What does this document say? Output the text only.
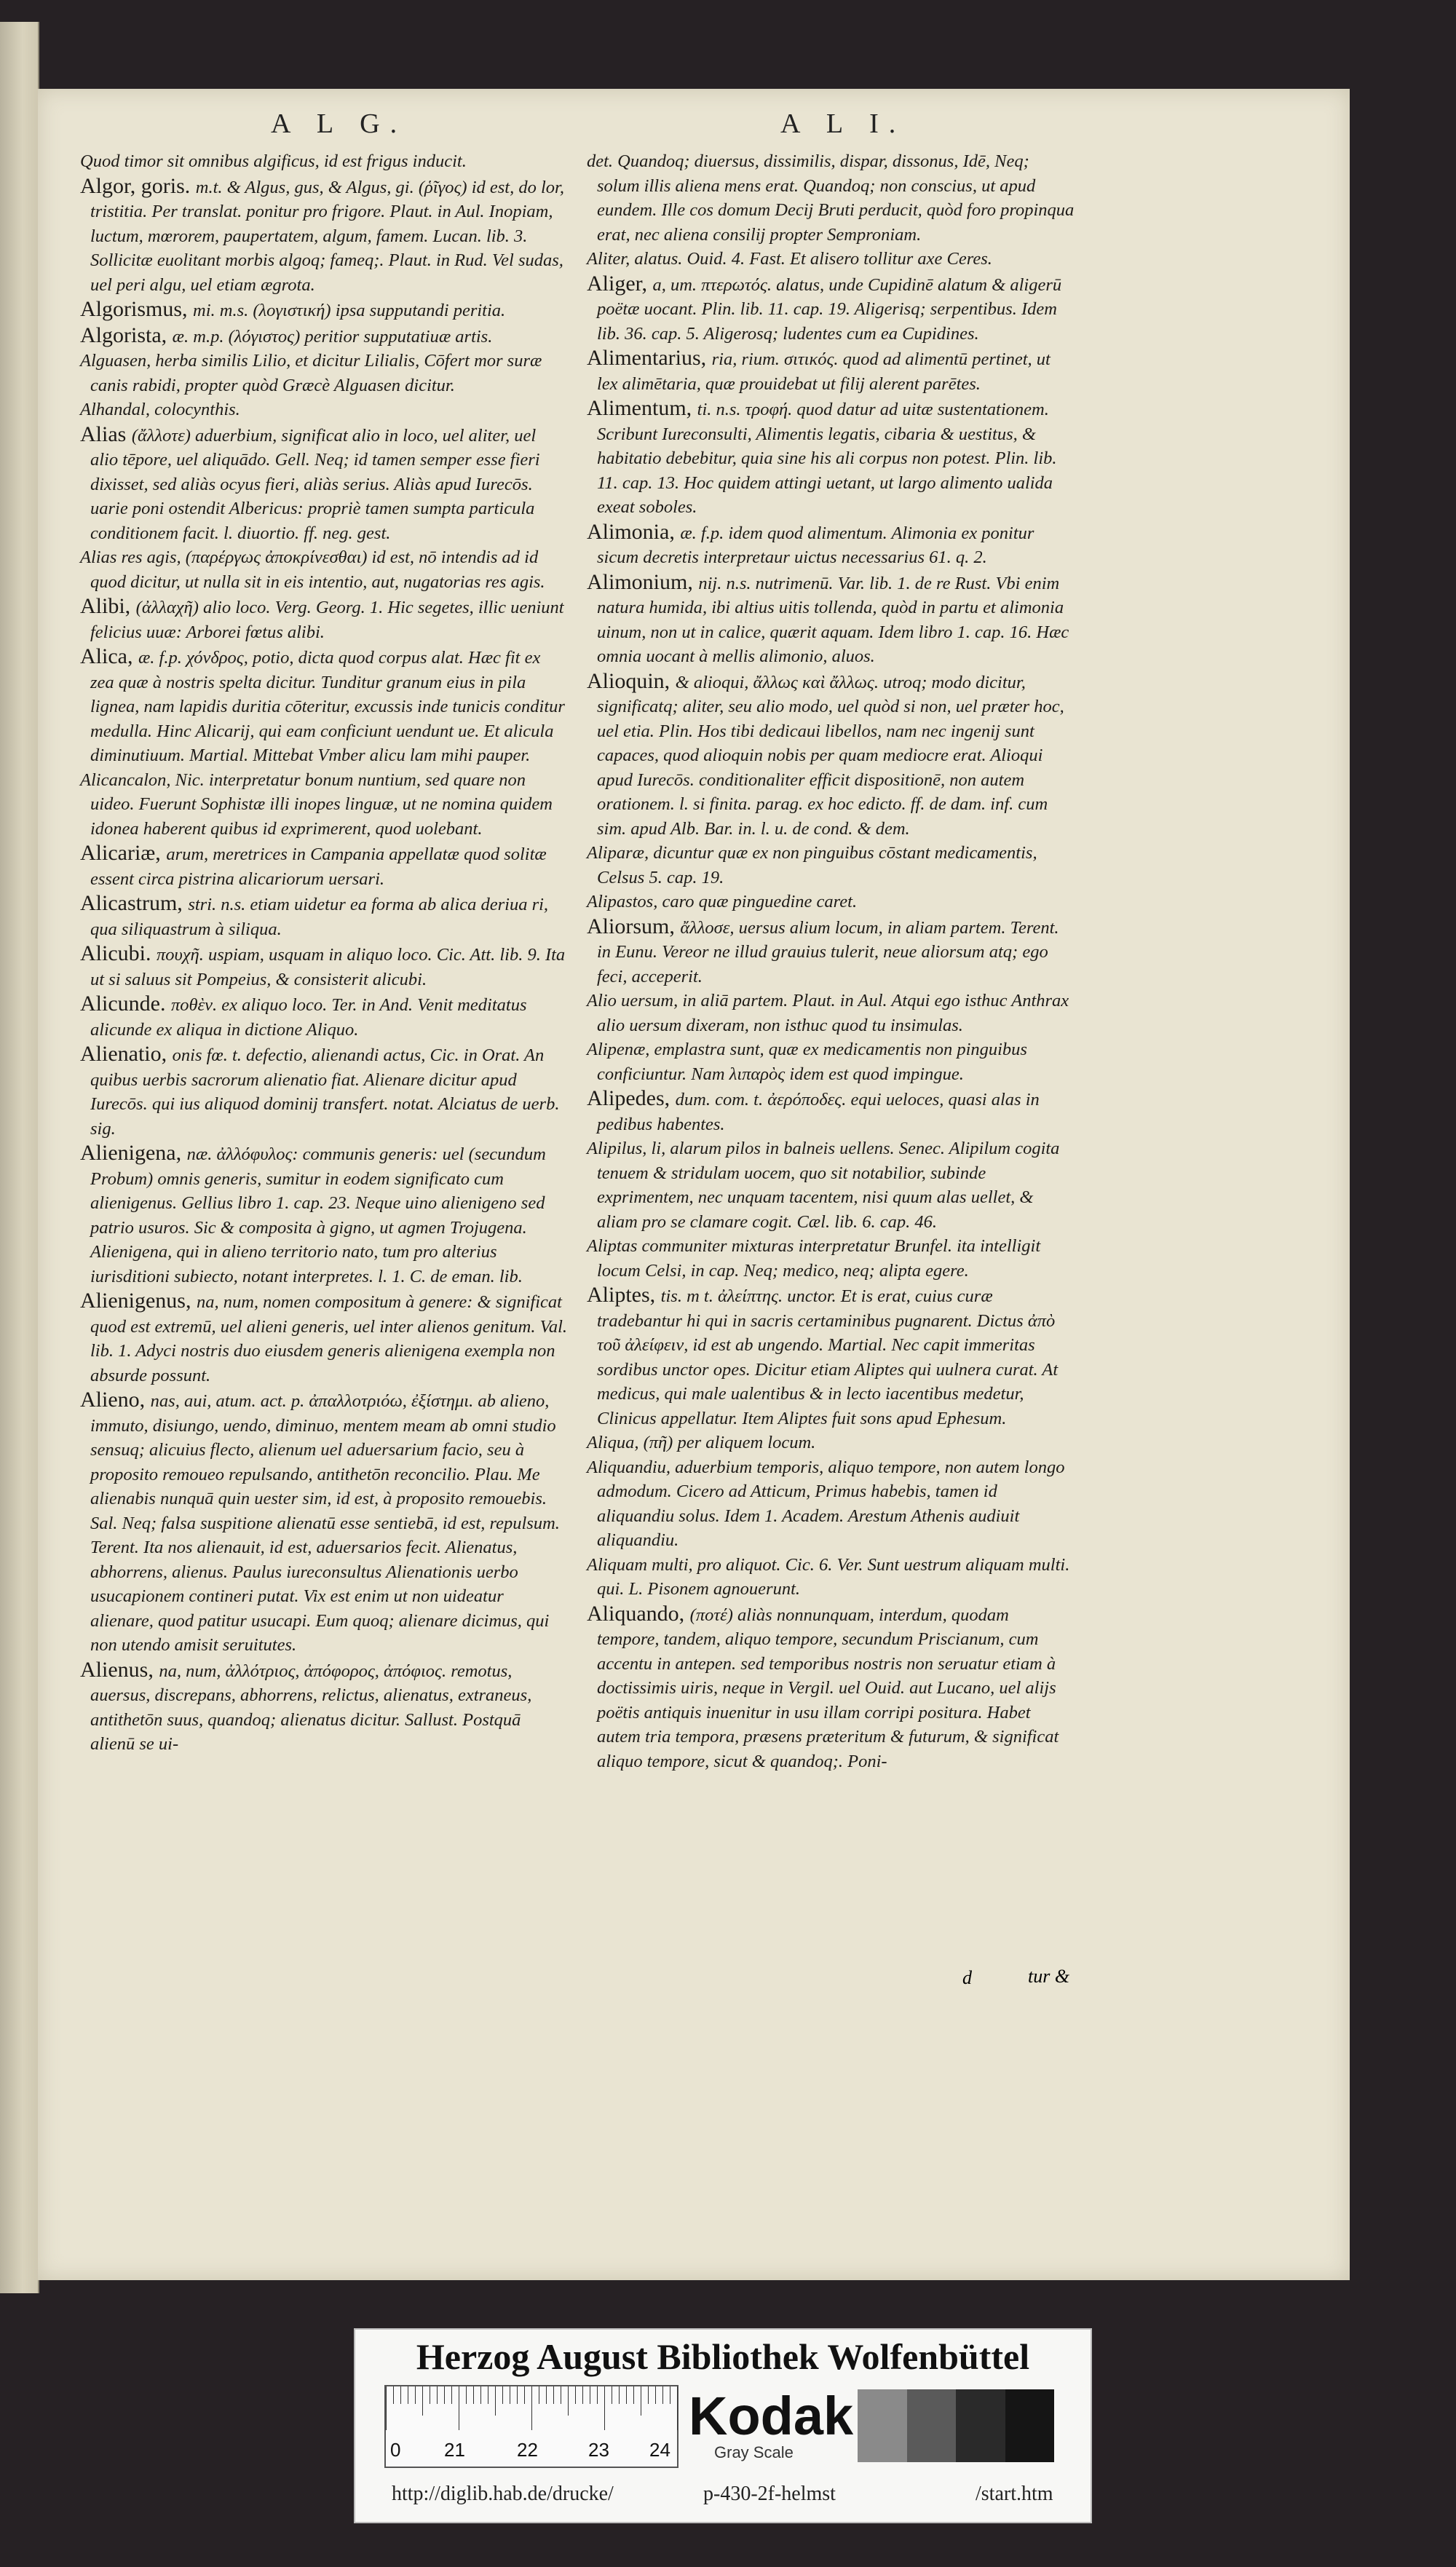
A L G.	A L I.

Quod timor sit omnibus algificus, id est frigus inducit.

Algor, goris. m.t. & Algus, gus, & Algus, gi. (ῥῖγος) id est, do lor, tristitia. Per translat. ponitur pro frigore. Plaut. in Aul. Inopiam, luctum, mœrorem, paupertatem, algum, famem. Lucan. lib. 3. Sollicitæ euolitant morbis algoq; fameq;. Plaut. in Rud. Vel sudas, uel peri algu, uel etiam ægrota.

Algorismus, mi. m.s. (λογιστική) ipsa supputandi peritia.

Algorista, æ. m.p. (λόγιστος) peritior supputatiuæ artis.

Alguasen, herba similis Lilio, et dicitur Lilialis, Cōfert mor suræ canis rabidi, propter quòd Græcè Alguasen dicitur.

Alhandal, colocynthis.

Alias (ἄλλοτε) aduerbium, significat alio in loco, uel aliter, uel alio tēpore, uel aliquādo. Gell. Neq; id tamen semper esse fieri dixisset, sed aliàs ocyus fieri, aliàs serius. Aliàs apud Iurecōs. uarie poni ostendit Albericus: propriè tamen sumpta particula conditionem facit. l. diuortio. ff. neg. gest.

Alias res agis, (παρέργως ἀποκρίνεσθαι) id est, nō intendis ad id quod dicitur, ut nulla sit in eis intentio, aut, nugatorias res agis.

Alibi, (ἀλλαχῆ) alio loco. Verg. Georg. 1. Hic segetes, illic ueniunt felicius uuæ: Arborei fœtus alibi.

Alica, æ. f.p. χόνδρος, potio, dicta quod corpus alat. Hæc fit ex zea quæ à nostris spelta dicitur. Tunditur granum eius in pila lignea, nam lapidis duritia cōteritur, excussis inde tunicis conditur medulla. Hinc Alicarij, qui eam conficiunt uendunt ue. Et alicula diminutiuum. Martial. Mittebat Vmber alicu lam mihi pauper.

Alicancalon, Nic. interpretatur bonum nuntium, sed quare non uideo. Fuerunt Sophistæ illi inopes linguæ, ut ne nomina quidem idonea haberent quibus id exprimerent, quod uolebant.

Alicariæ, arum, meretrices in Campania appellatæ quod solitæ essent circa pistrina alicariorum uersari.

Alicastrum, stri. n.s. etiam uidetur ea forma ab alica deriua ri, qua siliquastrum à siliqua.

Alicubi. πουχῆ. uspiam, usquam in aliquo loco. Cic. Att. lib. 9. Ita ut si saluus sit Pompeius, & consisterit alicubi.

Alicunde. ποθὲν. ex aliquo loco. Ter. in And. Venit meditatus alicunde ex aliqua in dictione Aliquo.

Alienatio, onis fœ. t. defectio, alienandi actus, Cic. in Orat. An quibus uerbis sacrorum alienatio fiat. Alienare dicitur apud Iurecōs. qui ius aliquod dominij transfert. notat. Alciatus de uerb. sig.

Alienigena, næ. ἀλλόφυλος: communis generis: uel (secundum Probum) omnis generis, sumitur in eodem significato cum alienigenus. Gellius libro 1. cap. 23. Neque uino alienigeno sed patrio usuros. Sic & composita à gigno, ut agmen Trojugena. Alienigena, qui in alieno territorio nato, tum pro alterius iurisditioni subiecto, notant interpretes. l. 1. C. de eman. lib.

Alienigenus, na, num, nomen compositum à genere: & significat quod est extremū, uel alieni generis, uel inter alienos genitum. Val. lib. 1. Adyci nostris duo eiusdem generis alienigena exempla non absurde possunt.

Alieno, nas, aui, atum. act. p. ἀπαλλοτριόω, ἐξίστημι. ab alieno, immuto, disiungo, uendo, diminuo, mentem meam ab omni studio sensuq; alicuius flecto, alienum uel aduersarium facio, seu à proposito remoueo repulsando, antithetōn reconcilio. Plau. Me alienabis nunquā quin uester sim, id est, à proposito remouebis. Sal. Neq; falsa suspitione alienatū esse sentiebā, id est, repulsum. Terent. Ita nos alienauit, id est, aduersarios fecit. Alienatus, abhorrens, alienus. Paulus iureconsultus Alienationis uerbo usucapionem contineri putat. Vix est enim ut non uideatur alienare, quod patitur usucapi. Eum quoq; alienare dicimus, qui non utendo amisit seruitutes.

Alienus, na, num, ἀλλότριος, ἀπόφορος, ἀπόφιος. remotus, auersus, discrepans, abhorrens, relictus, alienatus, extraneus, antithetōn suus, quandoq; alienatus dicitur. Sallust. Postquā alienū se ui-

det. Quandoq; diuersus, dissimilis, dispar, dissonus, Idē, Neq; solum illis aliena mens erat. Quandoq; non conscius, ut apud eundem. Ille cos domum Decij Bruti perducit, quòd foro propinqua erat, nec aliena consilij propter Semproniam.

Aliter, alatus. Ouid. 4. Fast. Et alisero tollitur axe Ceres.

Aliger, a, um. πτερωτός. alatus, unde Cupidinē alatum & aligerū poëtæ uocant. Plin. lib. 11. cap. 19. Aligerisq; serpentibus. Idem lib. 36. cap. 5. Aligerosq; ludentes cum ea Cupidines.

Alimentarius, ria, rium. σιτικός. quod ad alimentū pertinet, ut lex alimētaria, quæ prouidebat ut filij alerent parētes.

Alimentum, ti. n.s. τροφή. quod datur ad uitæ sustentationem. Scribunt Iureconsulti, Alimentis legatis, cibaria & uestitus, & habitatio debebitur, quia sine his ali corpus non potest. Plin. lib. 11. cap. 13. Hoc quidem attingi uetant, ut largo alimento ualida exeat soboles.

Alimonia, æ. f.p. idem quod alimentum. Alimonia ex ponitur sicum decretis interpretaur uictus necessarius 61. q. 2.

Alimonium, nij. n.s. nutrimenū. Var. lib. 1. de re Rust. Vbi enim natura humida, ibi altius uitis tollenda, quòd in partu et alimonia uinum, non ut in calice, quærit aquam. Idem libro 1. cap. 16. Hæc omnia uocant à mellis alimonio, aluos.

Alioquin, & alioqui, ἄλλως καὶ ἄλλως. utroq; modo dicitur, significatq; aliter, seu alio modo, uel quòd si non, uel præter hoc, uel etia. Plin. Hos tibi dedicaui libellos, nam nec ingenij sunt capaces, quod alioquin nobis per quam mediocre erat. Alioqui apud Iurecōs. conditionaliter efficit dispositionē, non autem orationem. l. si finita. parag. ex hoc edicto. ff. de dam. inf. cum sim. apud Alb. Bar. in. l. u. de cond. & dem.

Aliparæ, dicuntur quæ ex non pinguibus cōstant medicamentis, Celsus 5. cap. 19.

Alipastos, caro quæ pinguedine caret.

Aliorsum, ἄλλοσε, uersus alium locum, in aliam partem. Terent. in Eunu. Vereor ne illud grauius tulerit, neue aliorsum atq; ego feci, acceperit.

Alio uersum, in aliā partem. Plaut. in Aul. Atqui ego isthuc Anthrax alio uersum dixeram, non isthuc quod tu insimulas.

Alipenæ, emplastra sunt, quæ ex medicamentis non pinguibus conficiuntur. Nam λιπαρὸς idem est quod impingue.

Alipedes, dum. com. t. ἀερόποδες. equi ueloces, quasi alas in pedibus habentes.

Alipilus, li, alarum pilos in balneis uellens. Senec. Alipilum cogita tenuem & stridulam uocem, quo sit notabilior, subinde exprimentem, nec unquam tacentem, nisi quum alas uellet, & aliam pro se clamare cogit. Cæl. lib. 6. cap. 46.

Aliptas communiter mixturas interpretatur Brunfel. ita intelligit locum Celsi, in cap. Neq; medico, neq; alipta egere.

Aliptes, tis. m t. ἀλείπτης. unctor. Et is erat, cuius curæ tradebantur hi qui in sacris certaminibus pugnarent. Dictus ἀπὸ τοῦ ἀλείφειν, id est ab ungendo. Martial. Nec capit immeritas sordibus unctor opes. Dicitur etiam Aliptes qui uulnera curat. At medicus, qui male ualentibus & in lecto iacentibus medetur, Clinicus appellatur. Item Aliptes fuit sons apud Ephesum.

Aliqua, (πῆ) per aliquem locum.

Aliquandiu, aduerbium temporis, aliquo tempore, non autem longo admodum. Cicero ad Atticum, Primus habebis, tamen id aliquandiu solus. Idem 1. Academ. Arestum Athenis audiuit aliquandiu.

Aliquam multi, pro aliquot. Cic. 6. Ver. Sunt uestrum aliquam multi. qui. L. Pisonem agnouerunt.

Aliquando, (ποτέ) aliàs nonnunquam, interdum, quodam tempore, tandem, aliquo tempore, secundum Priscianum, cum accentu in antepen. sed temporibus nostris non seruatur etiam à doctissimis uiris, neque in Vergil. uel Ouid. aut Lucano, uel alijs poëtis antiquis inuenitur in usu illam corripi positura. Habet autem tria tempora, præsens præteritum & futurum, & significat aliquo tempore, sicut & quandoq;. Poni-

d	tur &
Herzog August Bibliothek Wolfenbüttel
0 21	22	23 24
Kodak
Gray Scale
http://diglib.hab.de/drucke/	p-430-2f-helmst	/start.htm
